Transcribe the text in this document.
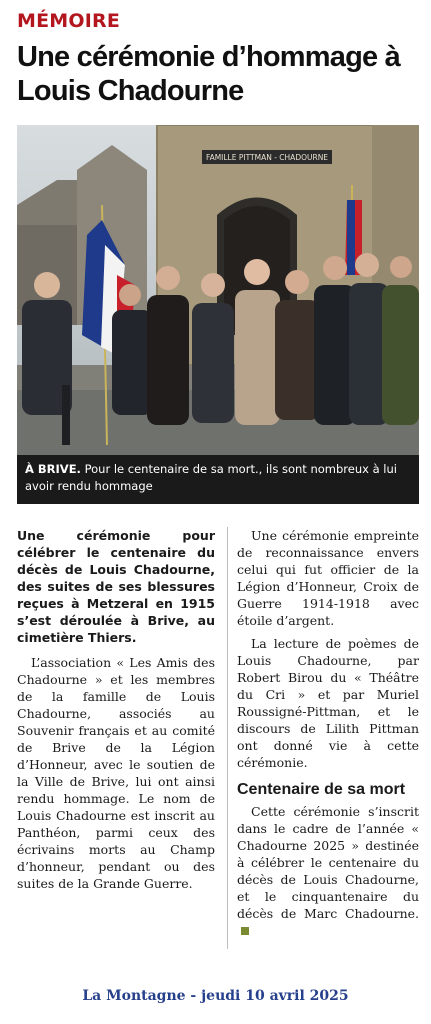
MÉMOIRE
Une cérémonie d’hommage à Louis Chadourne
FAMILLE PITTMAN - CHADOURNE
À BRIVE. Pour le centenaire de sa mort., ils sont nombreux à lui avoir rendu hommage
Une cérémonie pour célébrer le centenaire du décès de Louis Chadourne, des suites de ses blessures reçues à Metzeral en 1915 s’est déroulée à Brive, au cimetière Thiers.

L’association « Les Amis des Chadourne » et les membres de la famille de Louis Chadourne, associés au Souvenir français et au comité de Brive de la Légion d’Honneur, avec le soutien de la Ville de Brive, lui ont ainsi rendu hommage. Le nom de Louis Chadourne est inscrit au Panthéon, parmi ceux des écrivains morts au Champ d’honneur, pendant ou des suites de la Grande Guerre.

Une cérémonie empreinte de reconnaissance envers celui qui fut officier de la Légion d’Honneur, Croix de Guerre 1914-1918 avec étoile d’argent.

La lecture de poèmes de Louis Chadourne, par Robert Birou du « Théâtre du Cri » et par Muriel Roussigné-Pittman, et le discours de Lilith Pittman ont donné vie à cette cérémonie.

Centenaire de sa mort

Cette cérémonie s’inscrit dans le cadre de l’année « Chadourne 2025 » destinée à célébrer le centenaire du décès de Louis Chadourne, et le cinquantenaire du décès de Marc Chadourne.

La Montagne - jeudi 10 avril 2025
